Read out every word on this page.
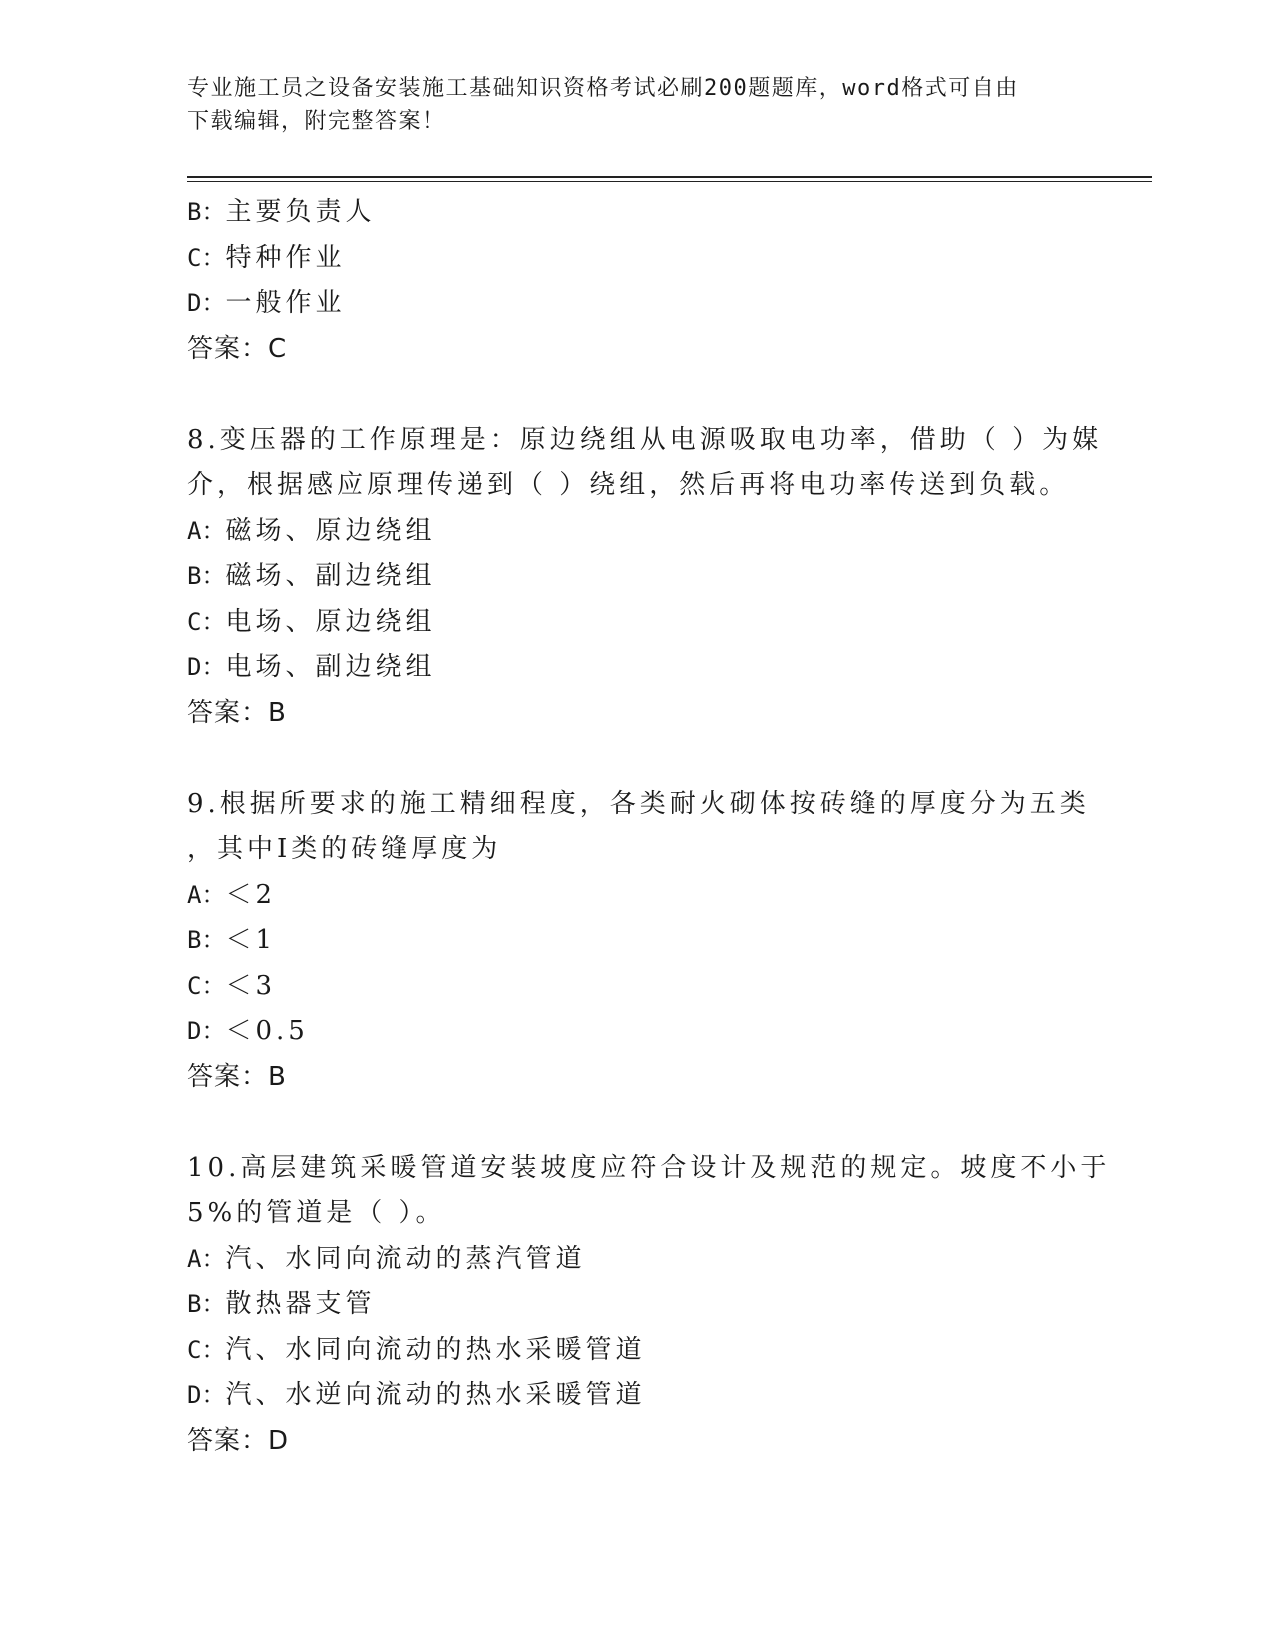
专业施工员之设备安装施工基础知识资格考试必刷200题题库，word格式可自由
下载编辑，附完整答案！
B：主要负责人
C：特种作业
D：一般作业
答案：C
8.变压器的工作原理是：原边绕组从电源吸取电功率，借助（ ）为媒
介，根据感应原理传递到（ ）绕组，然后再将电功率传送到负载。
A：磁场、原边绕组
B：磁场、副边绕组
C：电场、原边绕组
D：电场、副边绕组
答案：B
9.根据所要求的施工精细程度，各类耐火砌体按砖缝的厚度分为五类
，其中Ⅰ类的砖缝厚度为
A：＜2
B：＜1
C：＜3
D：＜0.5
答案：B
10.高层建筑采暖管道安装坡度应符合设计及规范的规定。坡度不小于
5%的管道是（ ）。
A：汽、水同向流动的蒸汽管道
B：散热器支管
C：汽、水同向流动的热水采暖管道
D：汽、水逆向流动的热水采暖管道
答案：D
